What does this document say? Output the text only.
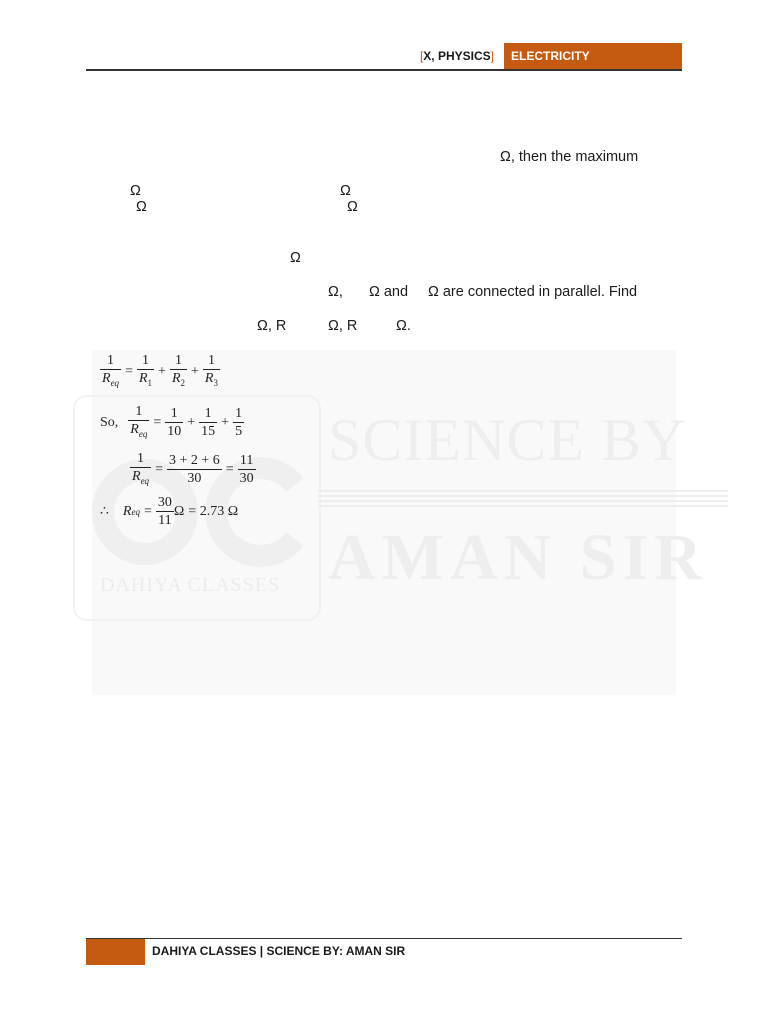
[X, PHYSICS]	ELECTRICITY
Ω, then the maximum
Ω	Ω
Ω	Ω
Ω
Ω, Ω and Ω are connected in parallel. Find
Ω, R	Ω, R	Ω.
DAHIYA CLASSES
SCIENCE BY
AMAN SIR
$\frac{1}{R_{eq}} = \frac{1}{R_1} + \frac{1}{R_2} + \frac{1}{R_3}$
So, $\frac{1}{R_{eq}} = \frac{1}{10} + \frac{1}{15} + \frac{1}{5}$
$\frac{1}{R_{eq}} = \frac{3 + 2 + 6}{30} = \frac{11}{30}$
∴ R eq = $\frac{30}{11}$ Ω = 2.73 Ω
DAHIYA CLASSES | SCIENCE BY: AMAN SIR
